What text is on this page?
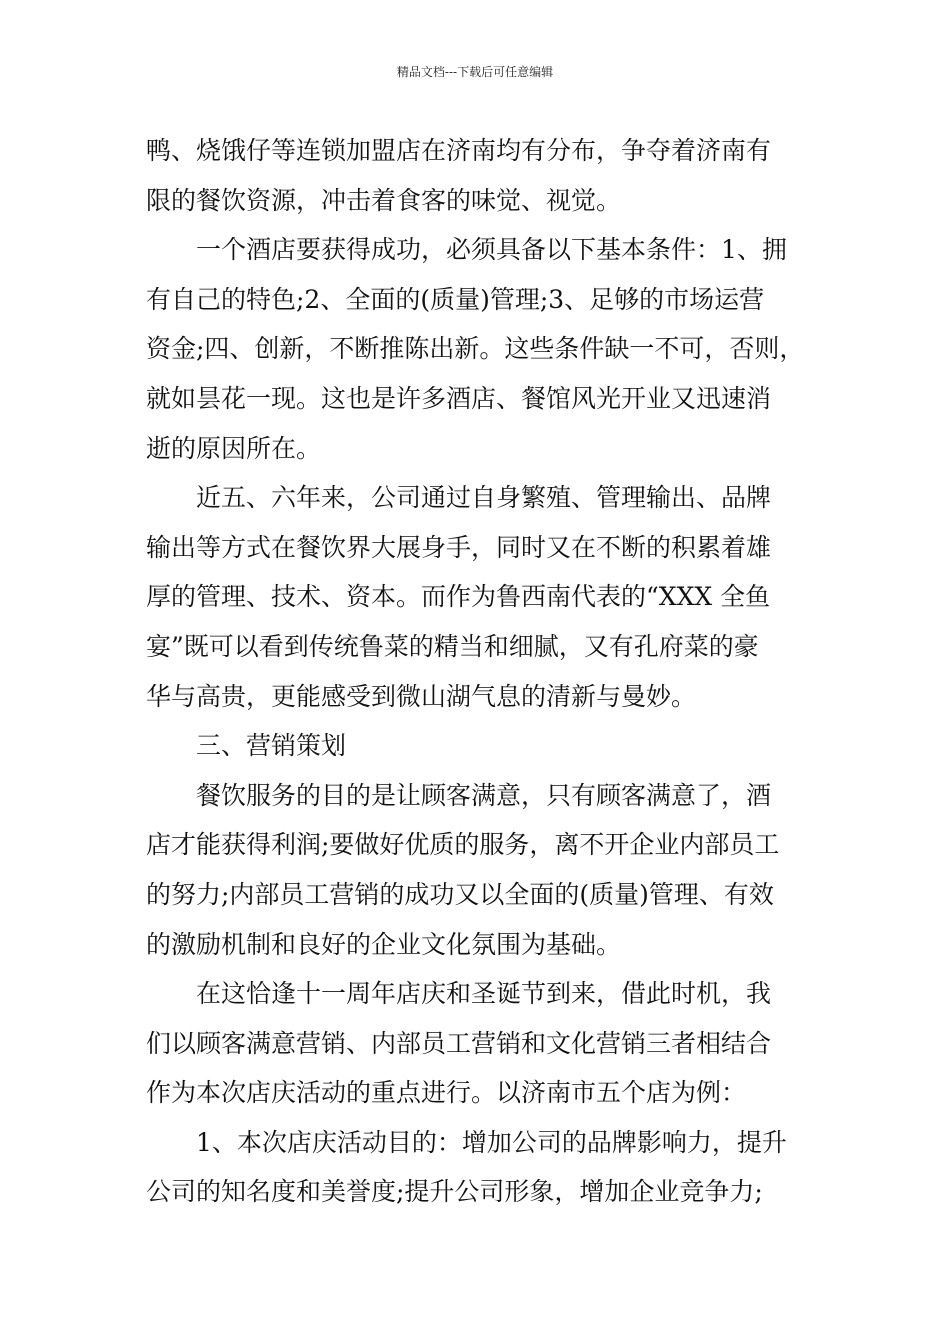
精品文档---下载后可任意编辑
鸭、烧饿仔等连锁加盟店在济南均有分布，争夺着济南有
限的餐饮资源，冲击着食客的味觉、视觉。
一个酒店要获得成功，必须具备以下基本条件：1、拥
有自己的特色;2、全面的(质量)管理;3、足够的市场运营
资金;四、创新，不断推陈出新。这些条件缺一不可，否则，
就如昙花一现。这也是许多酒店、餐馆风光开业又迅速消
逝的原因所在。
近五、六年来，公司通过自身繁殖、管理输出、品牌
输出等方式在餐饮界大展身手，同时又在不断的积累着雄
厚的管理、技术、资本。而作为鲁西南代表的“XXX 全鱼
宴”既可以看到传统鲁菜的精当和细腻，又有孔府菜的豪
华与高贵，更能感受到微山湖气息的清新与曼妙。
三、营销策划
餐饮服务的目的是让顾客满意，只有顾客满意了，酒
店才能获得利润;要做好优质的服务，离不开企业内部员工
的努力;内部员工营销的成功又以全面的(质量)管理、有效
的激励机制和良好的企业文化氛围为基础。
在这恰逢十一周年店庆和圣诞节到来，借此时机，我
们以顾客满意营销、内部员工营销和文化营销三者相结合
作为本次店庆活动的重点进行。以济南市五个店为例：
1、本次店庆活动目的：增加公司的品牌影响力，提升
公司的知名度和美誉度;提升公司形象，增加企业竞争力;
